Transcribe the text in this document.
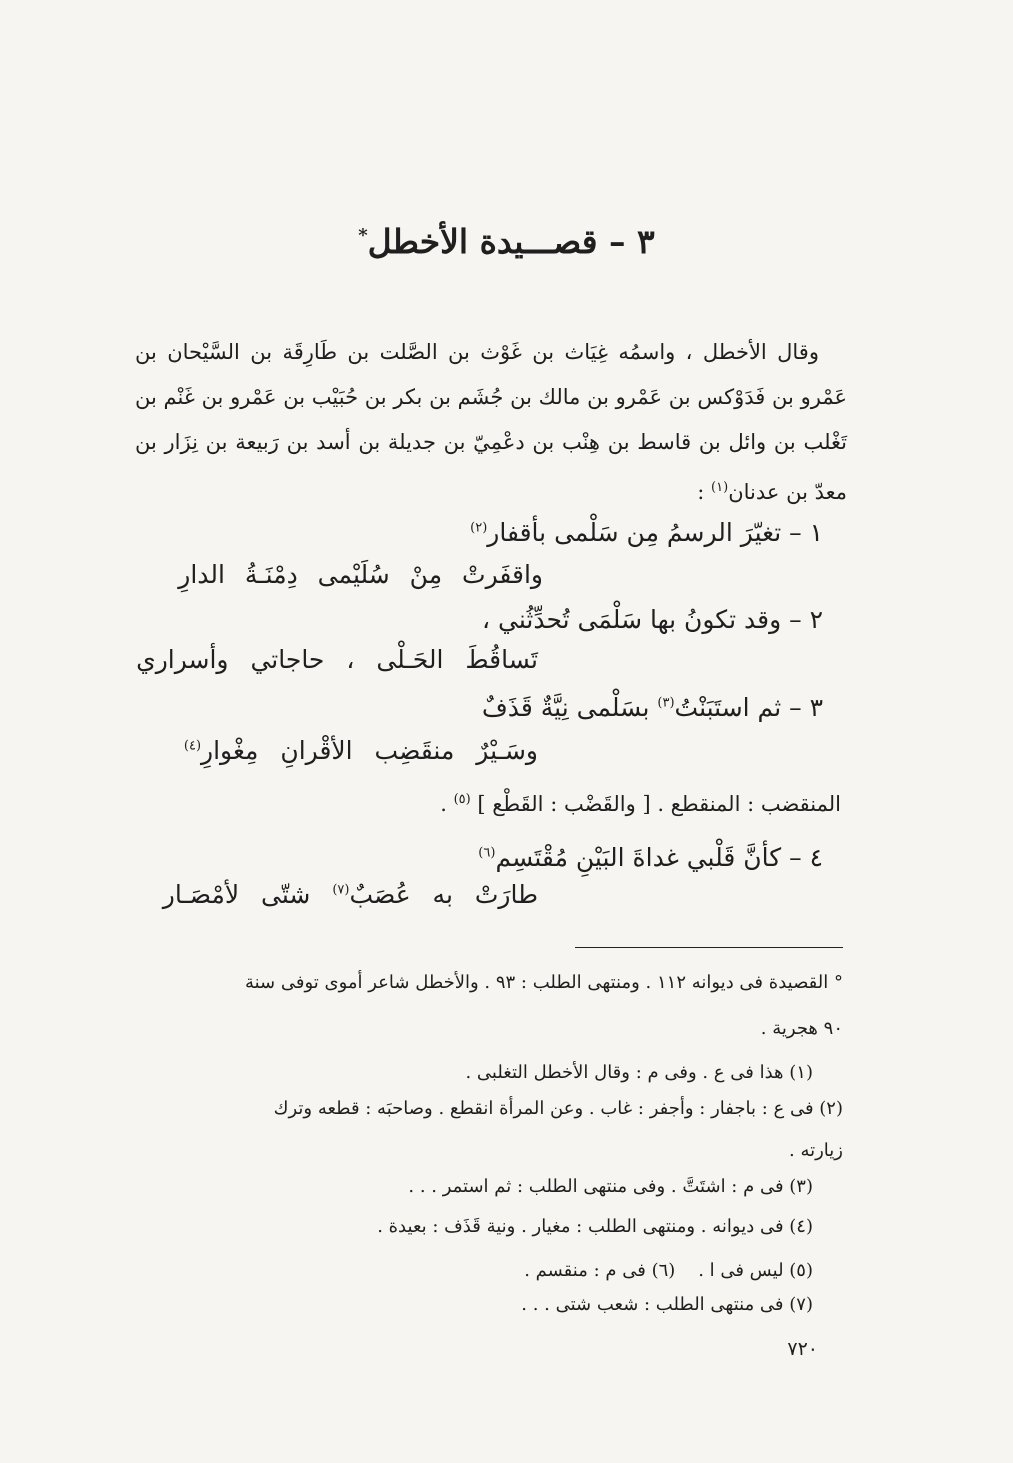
٣ – قصـــيدة الأخطل*
وقال الأخطل ، واسمُه غِيَاث بن غَوْث بن الصَّلت بن طَارِقَة بن السَّيْحان بن عَمْرو بن فَدَوْكس بن عَمْرو بن مالك بن جُشَم بن بكر بن حُبَيْب بن عَمْرو بن غَنْم بن تَغْلب بن وائل بن قاسط بن هِنْب بن دعْمِيّ بن جديلة بن أسد بن رَبيعة بن نِزَار بن معدّ بن عدنان$^{(١)}$ :
١ – تغيّرَ الرسمُ مِن سَلْمى بأقفار$^{(٢)}$
واقفَرتْ مِنْ سُلَيْمى دِمْنَـةُ الدارِ
٢ – وقد تكونُ بها سَلْمَى تُحدِّثُني ،
تَساقُطَ الحَـلْى ، حاجاتي وأسراري
٣ – ثم استَبَنْتُ$^{(٣)}$ بسَلْمى نِيَّةٌ قَذَفٌ
وسَـيْرٌ منقَضِب الأقْرانِ مِغْوارِ$^{(٤)}$
المنقضب : المنقطع . [ والقَضْب : القَطْع ] $^{(٥)}$ .
٤ – كأنَّ قَلْبي غداةَ البَيْنِ مُقْتَسِم$^{(٦)}$
طارَتْ به عُصَبٌ$^{(٧)}$ شتّى لأمْصَـار
° القصيدة فى ديوانه ١١٢ . ومنتهى الطلب : ٩٣ . والأخطل شاعر أموى توفى سنة
٩٠ هجرية .
(١) هذا فى ع . وفى م : وقال الأخطل التغلبى .
(٢) فى ع : باجفار : وأجفر : غاب . وعن المرأة انقطع . وصاحبَه : قطعه وترك
زيارته .
(٣) فى م : اشتَتَّ . وفى منتهى الطلب : ثم استمر . . .
(٤) فى ديوانه . ومنتهى الطلب : مغيار . ونية قَذَف : بعيدة .
(٥) ليس فى ا .    (٦) فى م : منقسم .
(٧) فى منتهى الطلب : شعب شتى . . .
٧٢٠
